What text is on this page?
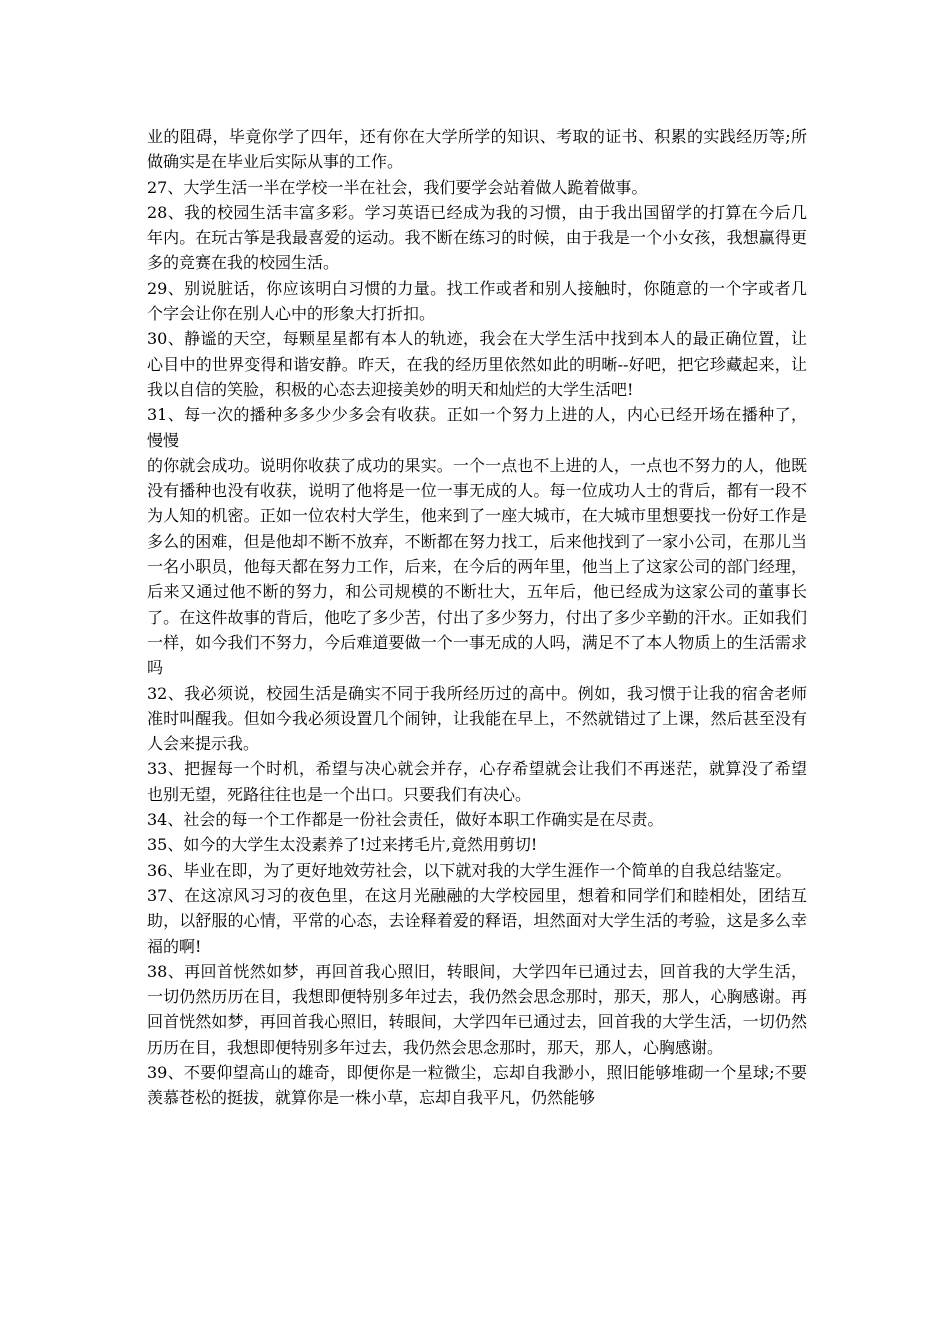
业的阻碍，毕竟你学了四年，还有你在大学所学的知识、考取的证书、积累的实践经历等;所做确实是在毕业后实际从事的工作。

27、大学生活一半在学校一半在社会，我们要学会站着做人跪着做事。

28、我的校园生活丰富多彩。学习英语已经成为我的习惯，由于我出国留学的打算在今后几年内。在玩古筝是我最喜爱的运动。我不断在练习的时候，由于我是一个小女孩，我想赢得更多的竞赛在我的校园生活。

29、别说脏话，你应该明白习惯的力量。找工作或者和别人接触时，你随意的一个字或者几个字会让你在别人心中的形象大打折扣。

30、静谧的天空，每颗星星都有本人的轨迹，我会在大学生活中找到本人的最正确位置，让心目中的世界变得和谐安静。昨天，在我的经历里依然如此的明晰--好吧，把它珍藏起来，让我以自信的笑脸，积极的心态去迎接美妙的明天和灿烂的大学生活吧!

31、每一次的播种多多少少多会有收获。正如一个努力上进的人，内心已经开场在播种了，慢慢

的你就会成功。说明你收获了成功的果实。一个一点也不上进的人，一点也不努力的人，他既没有播种也没有收获，说明了他将是一位一事无成的人。每一位成功人士的背后，都有一段不为人知的机密。正如一位农村大学生，他来到了一座大城市，在大城市里想要找一份好工作是多么的困难，但是他却不断不放弃，不断都在努力找工，后来他找到了一家小公司，在那儿当一名小职员，他每天都在努力工作，后来，在今后的两年里，他当上了这家公司的部门经理，后来又通过他不断的努力，和公司规模的不断壮大，五年后，他已经成为这家公司的董事长了。在这件故事的背后，他吃了多少苦，付出了多少努力，付出了多少辛勤的汗水。正如我们一样，如今我们不努力，今后难道要做一个一事无成的人吗，满足不了本人物质上的生活需求吗

32、我必须说，校园生活是确实不同于我所经历过的高中。例如，我习惯于让我的宿舍老师准时叫醒我。但如今我必须设置几个闹钟，让我能在早上，不然就错过了上课，然后甚至没有人会来提示我。

33、把握每一个时机，希望与决心就会并存，心存希望就会让我们不再迷茫，就算没了希望也别无望，死路往往也是一个出口。只要我们有决心。

34、社会的每一个工作都是一份社会责任，做好本职工作确实是在尽责。

35、如今的大学生太没素养了!过来拷毛片,竟然用剪切!

36、毕业在即，为了更好地效劳社会，以下就对我的大学生涯作一个简单的自我总结鉴定。

37、在这凉风习习的夜色里，在这月光融融的大学校园里，想着和同学们和睦相处，团结互助，以舒服的心情，平常的心态，去诠释着爱的释语，坦然面对大学生活的考验，这是多么幸福的啊!

38、再回首恍然如梦，再回首我心照旧，转眼间，大学四年已通过去，回首我的大学生活，一切仍然历历在目，我想即便特别多年过去，我仍然会思念那时，那天，那人，心胸感谢。再回首恍然如梦，再回首我心照旧，转眼间，大学四年已通过去，回首我的大学生活，一切仍然历历在目，我想即便特别多年过去，我仍然会思念那时，那天，那人，心胸感谢。

39、不要仰望高山的雄奇，即便你是一粒微尘，忘却自我渺小，照旧能够堆砌一个星球;不要羡慕苍松的挺拔，就算你是一株小草，忘却自我平凡，仍然能够
